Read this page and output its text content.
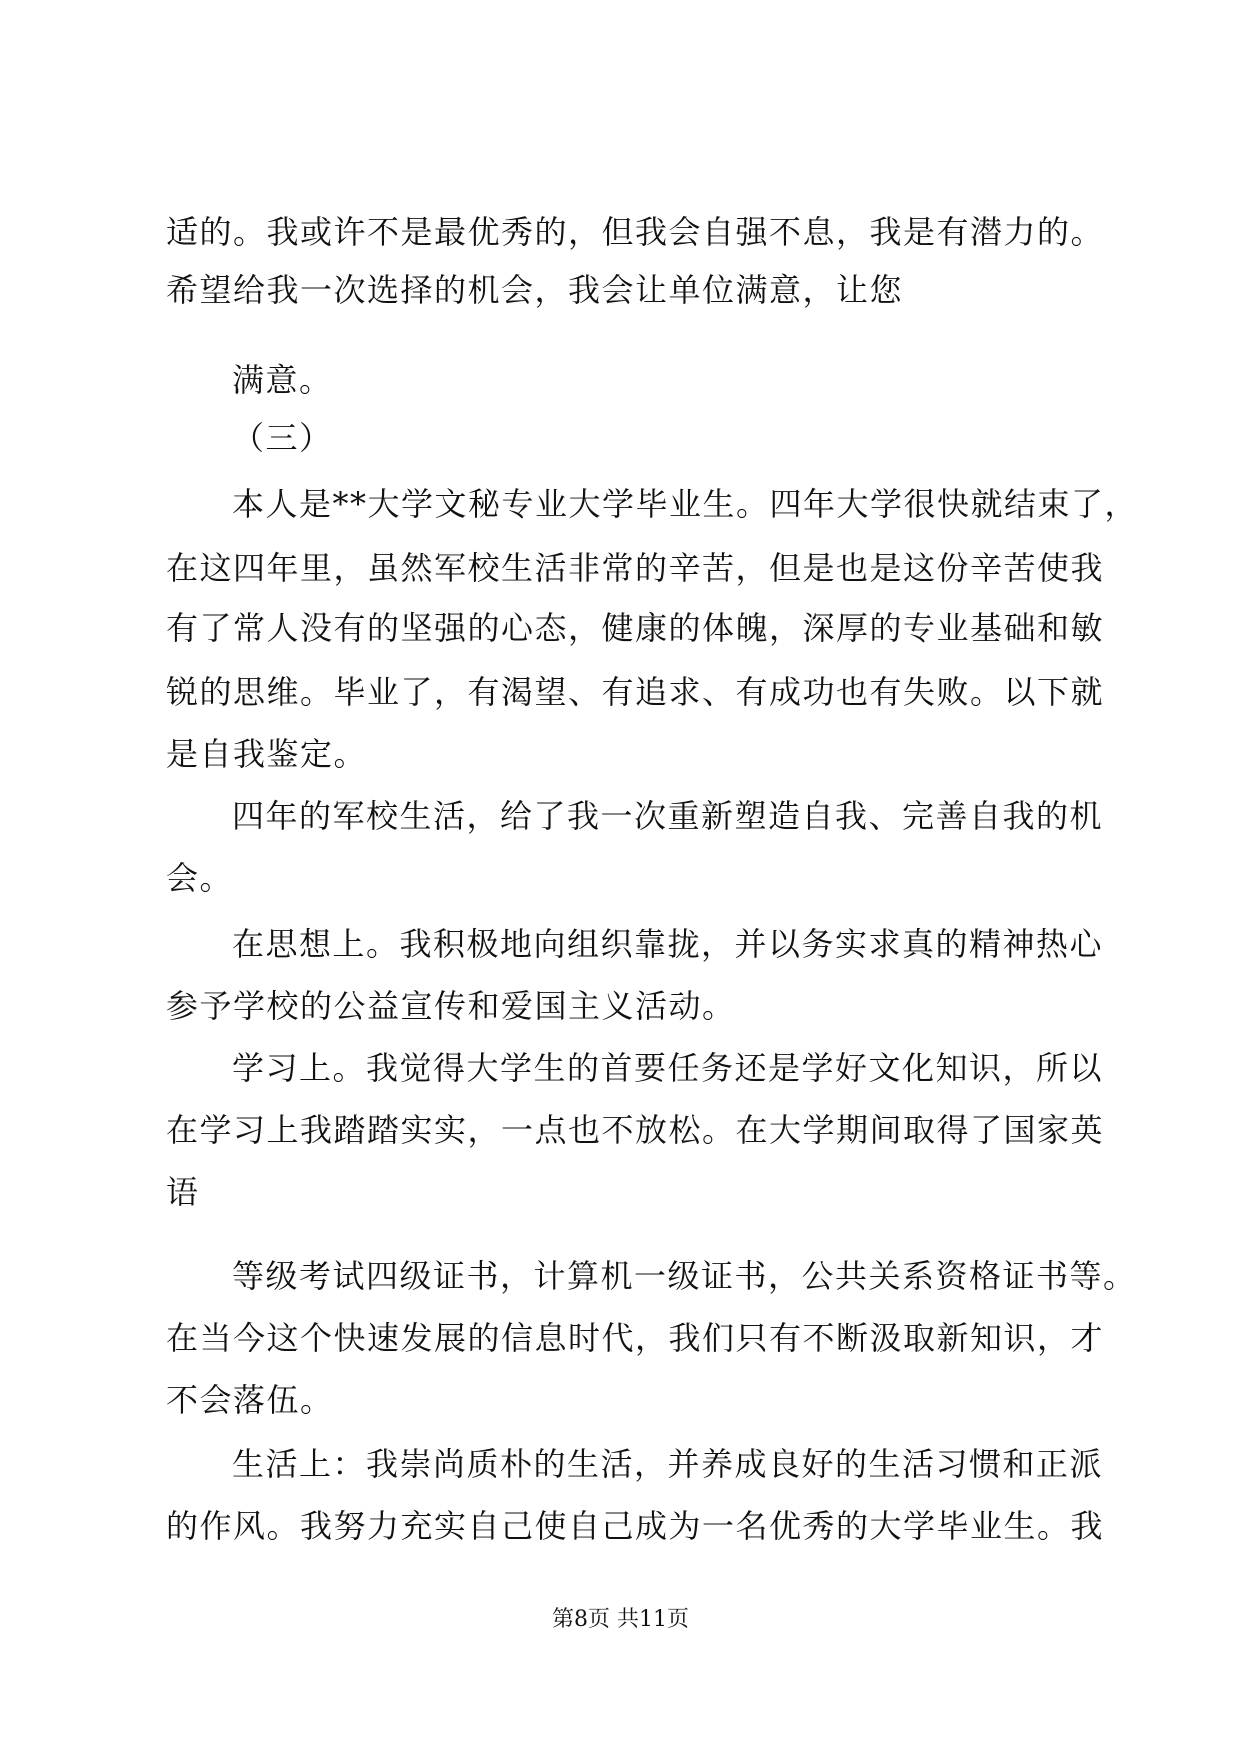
适的。我或许不是最优秀的，但我会自强不息，我是有潜力的。
希望给我一次选择的机会，我会让单位满意，让您
满意。
（三）
本人是**大学文秘专业大学毕业生。四年大学很快就结束了，
在这四年里，虽然军校生活非常的辛苦，但是也是这份辛苦使我
有了常人没有的坚强的心态，健康的体魄，深厚的专业基础和敏
锐的思维。毕业了，有渴望、有追求、有成功也有失败。以下就
是自我鉴定。
四年的军校生活，给了我一次重新塑造自我、完善自我的机
会。
在思想上。我积极地向组织靠拢，并以务实求真的精神热心
参予学校的公益宣传和爱国主义活动。
学习上。我觉得大学生的首要任务还是学好文化知识，所以
在学习上我踏踏实实，一点也不放松。在大学期间取得了国家英
语
等级考试四级证书，计算机一级证书，公共关系资格证书等。
在当今这个快速发展的信息时代，我们只有不断汲取新知识，才
不会落伍。
生活上：我崇尚质朴的生活，并养成良好的生活习惯和正派
的作风。我努力充实自己使自己成为一名优秀的大学毕业生。我
第8页 共11页
